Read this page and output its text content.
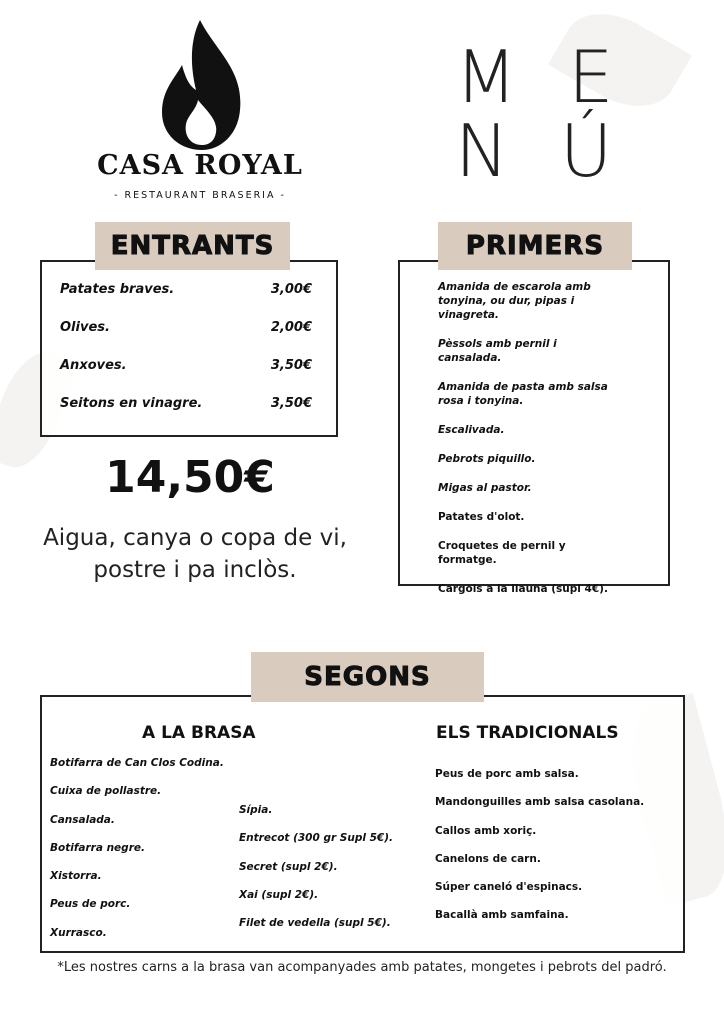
CASA ROYAL
- RESTAURANT BRASERIA -
M E
N Ú
Patates braves.	3,00€
Olives.	2,00€
Anxoves.	3,50€
Seitons en vinagre.	3,50€
ENTRANTS
14,50€
Aigua, canya o copa de vi,
postre i pa inclòs.
Amanida de escarola amb tonyina, ou dur, pipas i vinagreta.
Pèssols amb pernil i cansalada.
Amanida de pasta amb salsa rosa i tonyina.
Escalivada.
Pebrots piquillo.
Migas al pastor.
Patates d'olot.
Croquetes de pernil y formatge.
Cargols a la llauna (supl 4€).
PRIMERS
A LA BRASA	ELS TRADICIONALS
Botifarra de Can Clos Codina.
Cuixa de pollastre.
Cansalada.
Botifarra negre.
Xistorra.
Peus de porc.
Xurrasco.
Sípia.
Entrecot (300 gr Supl 5€).
Secret (supl 2€).
Xai (supl 2€).
Filet de vedella (supl 5€).
Peus de porc amb salsa.
Mandonguilles amb salsa casolana.
Callos amb xoriç.
Canelons de carn.
Súper caneló d'espinacs.
Bacallà amb samfaina.
SEGONS
*Les nostres carns a la brasa van acompanyades amb patates, mongetes i pebrots del padró.
